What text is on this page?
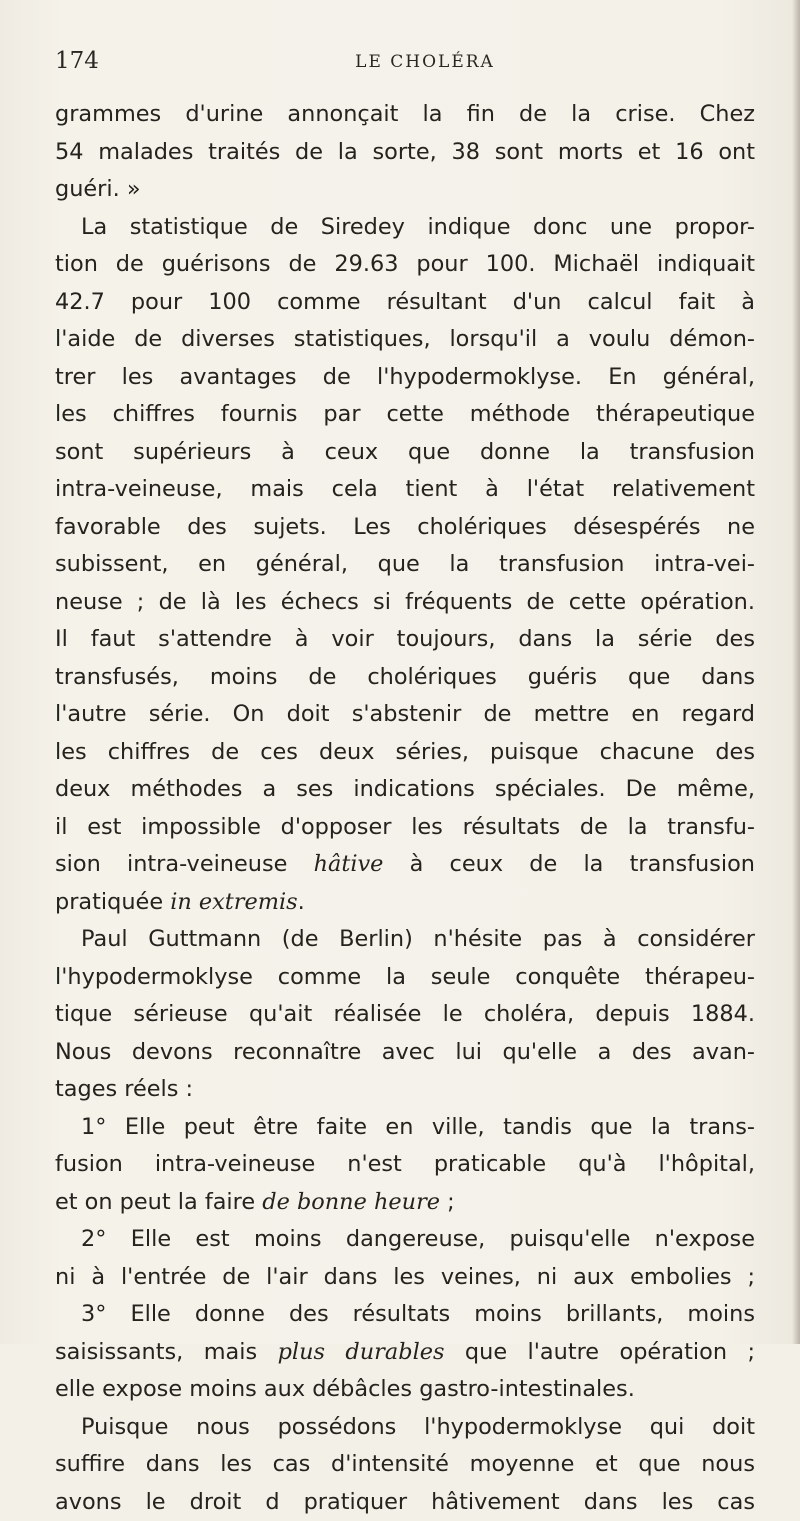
174	LE CHOLÉRA
grammes d'urine annonçait la fin de la crise. Chez
54 malades traités de la sorte, 38 sont morts et 16 ont
guéri. »
La statistique de Siredey indique donc une propor-
tion de guérisons de 29.63 pour 100. Michaël indiquait
42.7 pour 100 comme résultant d'un calcul fait à
l'aide de diverses statistiques, lorsqu'il a voulu démon-
trer les avantages de l'hypodermoklyse. En général,
les chiffres fournis par cette méthode thérapeutique
sont supérieurs à ceux que donne la transfusion
intra-veineuse, mais cela tient à l'état relativement
favorable des sujets. Les cholériques désespérés ne
subissent, en général, que la transfusion intra-vei-
neuse ; de là les échecs si fréquents de cette opération.
Il faut s'attendre à voir toujours, dans la série des
transfusés, moins de cholériques guéris que dans
l'autre série. On doit s'abstenir de mettre en regard
les chiffres de ces deux séries, puisque chacune des
deux méthodes a ses indications spéciales. De même,
il est impossible d'opposer les résultats de la transfu-
sion intra-veineuse hâtive à ceux de la transfusion
pratiquée in extremis.
Paul Guttmann (de Berlin) n'hésite pas à considérer
l'hypodermoklyse comme la seule conquête thérapeu-
tique sérieuse qu'ait réalisée le choléra, depuis 1884.
Nous devons reconnaître avec lui qu'elle a des avan-
tages réels :
1° Elle peut être faite en ville, tandis que la trans-
fusion intra-veineuse n'est praticable qu'à l'hôpital,
et on peut la faire de bonne heure ;
2° Elle est moins dangereuse, puisqu'elle n'expose
ni à l'entrée de l'air dans les veines, ni aux embolies ;
3° Elle donne des résultats moins brillants, moins
saisissants, mais plus durables que l'autre opération ;
elle expose moins aux débâcles gastro-intestinales.
Puisque nous possédons l'hypodermoklyse qui doit
suffire dans les cas d'intensité moyenne et que nous
avons le droit d pratiquer hâtivement dans les cas
